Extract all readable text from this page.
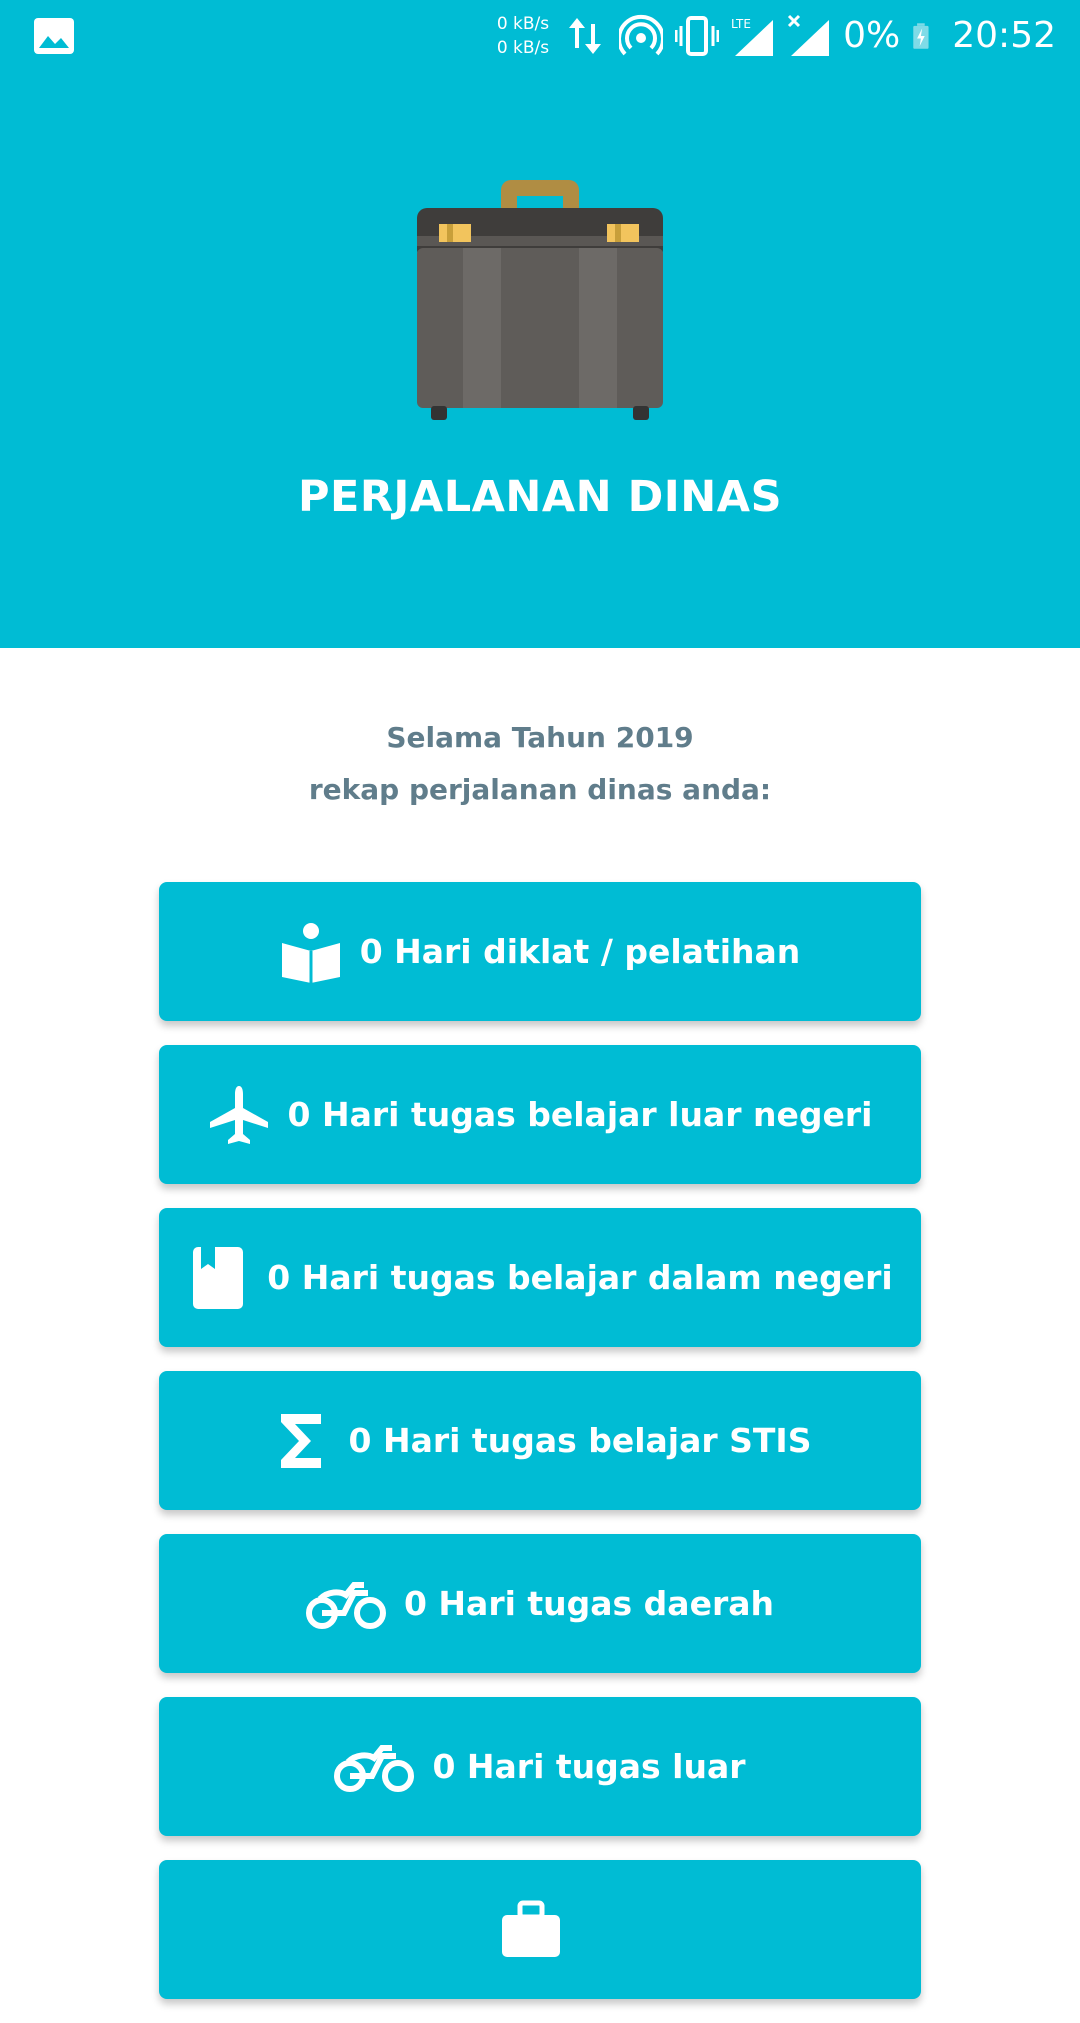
PERJALANAN DINAS
0 kB/s
0 kB/s
LTE	0% 20:52
Selama Tahun 2019
rekap perjalanan dinas anda:
0 Hari diklat / pelatihan
0 Hari tugas belajar luar negeri
0 Hari tugas belajar dalam negeri
0 Hari tugas belajar STIS
0 Hari tugas daerah
0 Hari tugas luar
